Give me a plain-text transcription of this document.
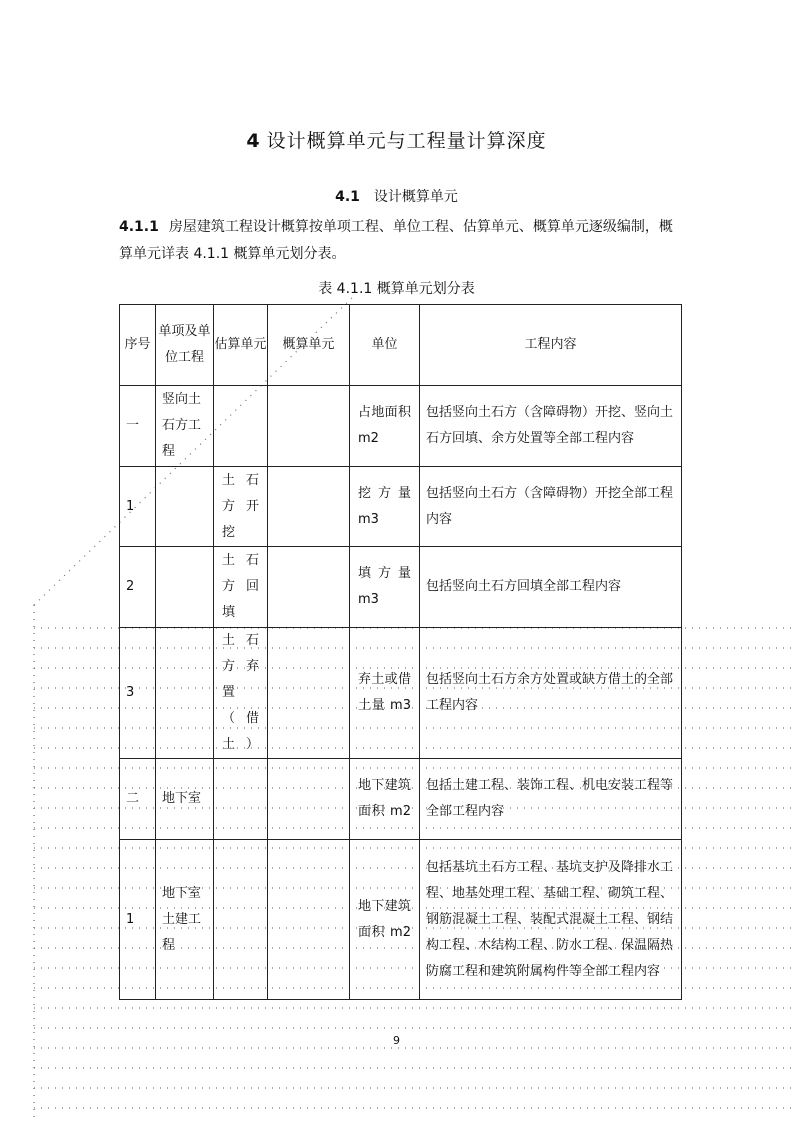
4 设计概算单元与工程量计算深度
4.1 设计概算单元
4.1.1 房屋建筑工程设计概算按单项工程、单位工程、估算单元、概算单元逐级编制，概算单元详表 4.1.1 概算单元划分表。
表 4.1.1 概算单元划分表
序号	单项及单位工程	估算单元	概算单元	单位	工程内容
一	竖向土石方工程			占地面积 m2	包括竖向土石方（含障碍物）开挖、竖向土石方回填、余方处置等全部工程内容
1		土石方开挖		挖方量 m3	包括竖向土石方（含障碍物）开挖全部工程内容
2		土石方回填		填方量 m3	包括竖向土石方回填全部工程内容
3		土石方弃置（借土）		弃土或借土量 m3	包括竖向土石方余方处置或缺方借土的全部工程内容
二	地下室			地下建筑面积 m2	包括土建工程、装饰工程、机电安装工程等全部工程内容
1	地下室土建工程			地下建筑面积 m2	包括基坑土石方工程、基坑支护及降排水工程、地基处理工程、基础工程、砌筑工程、钢筋混凝土工程、装配式混凝土工程、钢结构工程、木结构工程、防水工程、保温隔热防腐工程和建筑附属构件等全部工程内容
9
